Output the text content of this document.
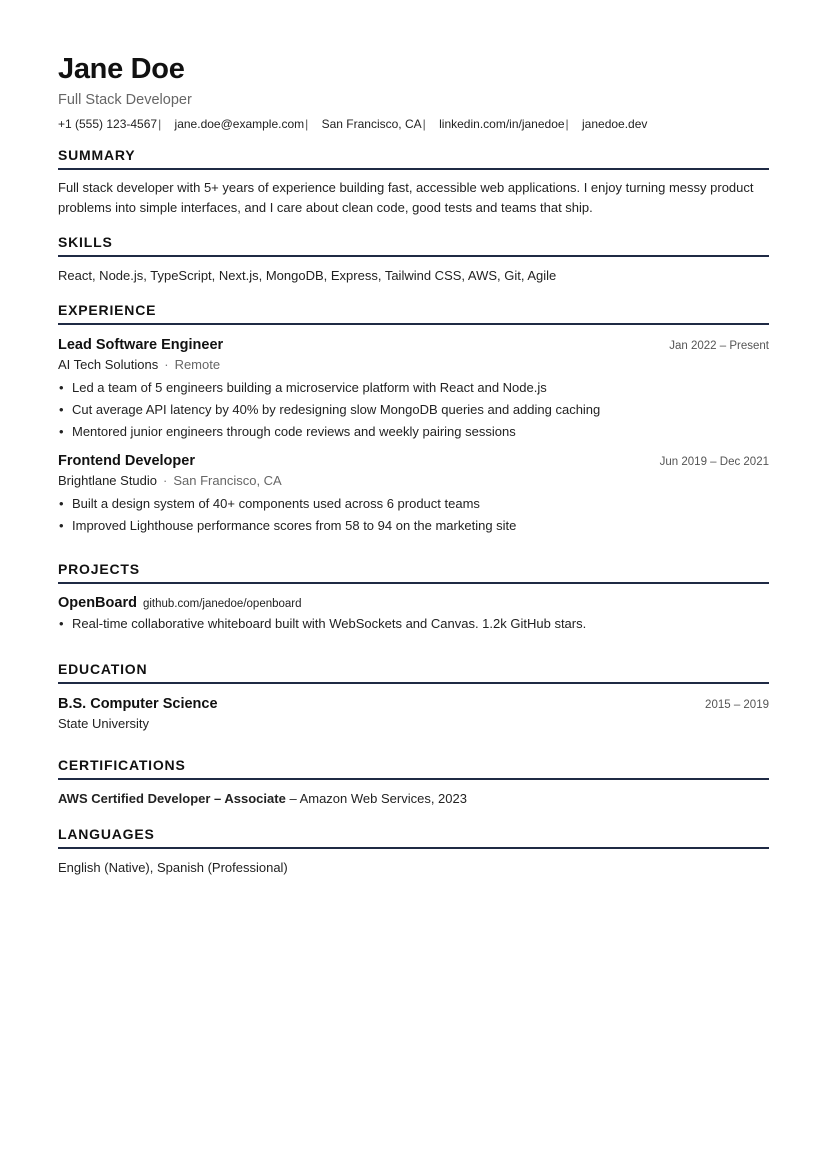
Jane Doe
Full Stack Developer
+1 (555) 123-4567| jane.doe@example.com| San Francisco, CA| linkedin.com/in/janedoe| janedoe.dev
SUMMARY
Full stack developer with 5+ years of experience building fast, accessible web applications. I enjoy turning messy product problems into simple interfaces, and I care about clean code, good tests and teams that ship.
SKILLS
React, Node.js, TypeScript, Next.js, MongoDB, Express, Tailwind CSS, AWS, Git, Agile
EXPERIENCE
Lead Software Engineer	Jan 2022 – Present
AI Tech Solutions · Remote
• Led a team of 5 engineers building a microservice platform with React and Node.js
• Cut average API latency by 40% by redesigning slow MongoDB queries and adding caching
• Mentored junior engineers through code reviews and weekly pairing sessions
Frontend Developer	Jun 2019 – Dec 2021
Brightlane Studio · San Francisco, CA
• Built a design system of 40+ components used across 6 product teams
• Improved Lighthouse performance scores from 58 to 94 on the marketing site
PROJECTS
OpenBoard github.com/janedoe/openboard
• Real-time collaborative whiteboard built with WebSockets and Canvas. 1.2k GitHub stars.
EDUCATION
B.S. Computer Science	2015 – 2019
State University
CERTIFICATIONS
AWS Certified Developer – Associate – Amazon Web Services, 2023
LANGUAGES
English (Native), Spanish (Professional)
